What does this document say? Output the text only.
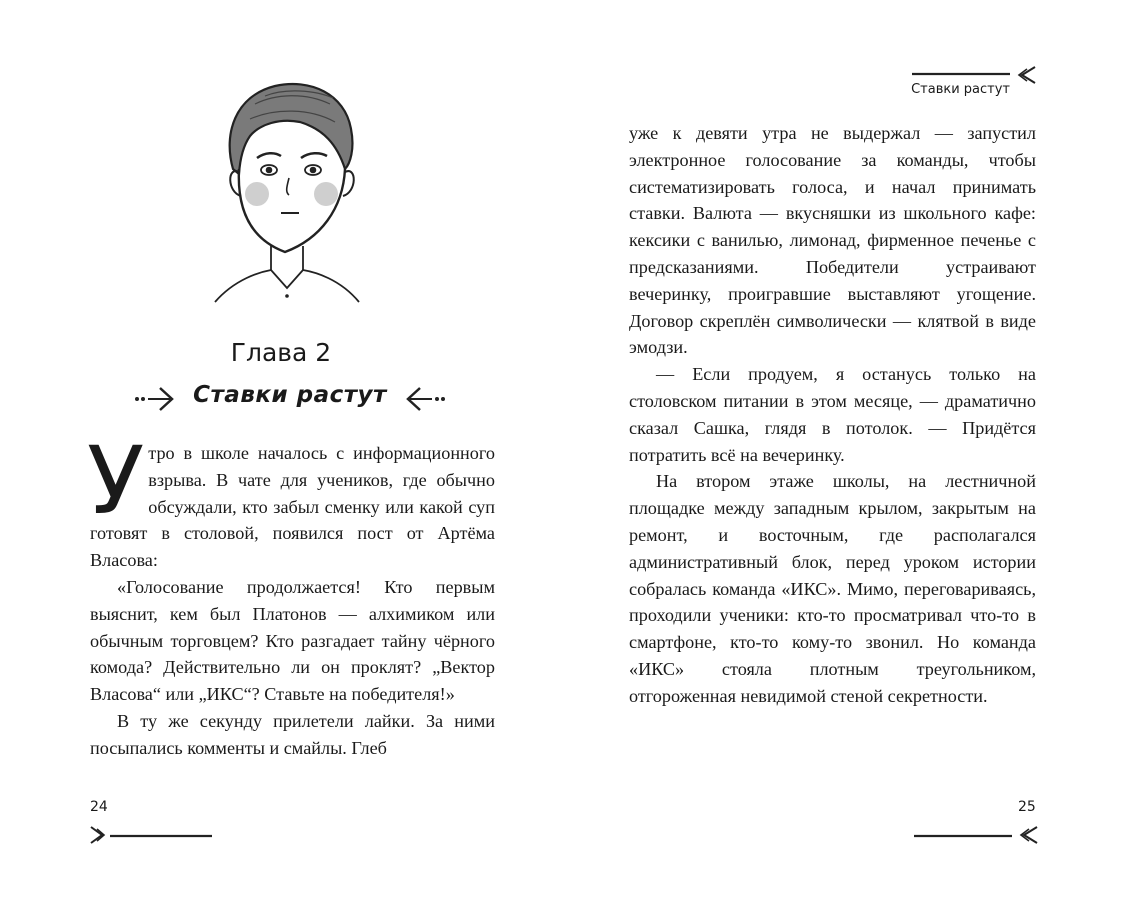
Глава 2
Ставки растут

Утро в школе началось с информационного взрыва. В чате для учеников, где обычно обсуждали, кто забыл сменку или какой суп готовят в столовой, появился пост от Артёма Власова:

«Голосование продолжается! Кто первым выяснит, кем был Платонов — алхимиком или обычным торговцем? Кто разгадает тайну чёрного комода? Действительно ли он проклят? „Вектор Власова“ или „ИКС“? Ставьте на победителя!»

В ту же секунду прилетели лайки. За ними посыпались комменты и смайлы. Глеб

24
Ставки растут

уже к девяти утра не выдержал — запустил электронное голосование за команды, чтобы систематизировать голоса, и начал принимать ставки. Валюта — вкусняшки из школьного кафе: кексики с ванилью, лимонад, фирменное печенье с предсказаниями. Победители устраивают вечеринку, проигравшие выставляют угощение. Договор скреплён символически — клятвой в виде эмодзи.

— Если продуем, я останусь только на столовском питании в этом месяце, — драматично сказал Сашка, глядя в потолок. — Придётся потратить всё на вечеринку.

На втором этаже школы, на лестничной площадке между западным крылом, закрытым на ремонт, и восточным, где располагался административный блок, перед уроком истории собралась команда «ИКС». Мимо, переговариваясь, проходили ученики: кто-то просматривал что-то в смартфоне, кто-то кому-то звонил. Но команда «ИКС» стояла плотным треугольником, отгороженная невидимой стеной секретности.

25
